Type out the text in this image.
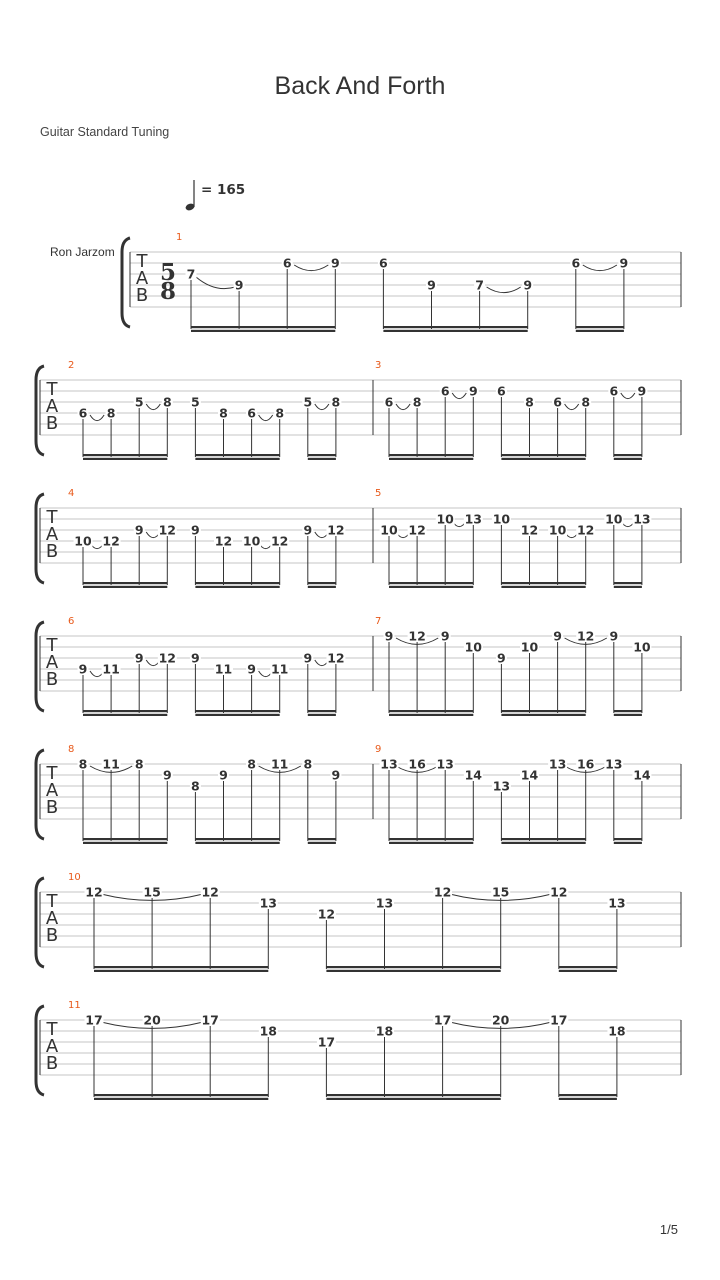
Back And Forth
Guitar Standard Tuning
= 165
Ron Jarzom T
A
B
5
8
1
7
9
6	9	6
9	7	9
6	9
T
A
B
2
6 8
5 8 5
8 6 8
5 8
3
6 8
6 9 6
8 6 8
6 9
T
A
B
4
10 12
9 12 9
12 10 12
9 12
5
10 12
10 13 10
12 10 12
10 13
T
A
B
6
9 11
9 12 9
11 9 11
9 12
7
9 12 9
10
9
10
9 12 9
10
T
A
B
8
8 11 8
9
8
9
8 11 8
9
9
13 16 13
14
13
14
13 16 13
14
T
A
B
10
12	15	12
13
12
13
12	15	12
13
T
A
B
11
17	20	17
18
17
18
17	20	17
18
1/5
